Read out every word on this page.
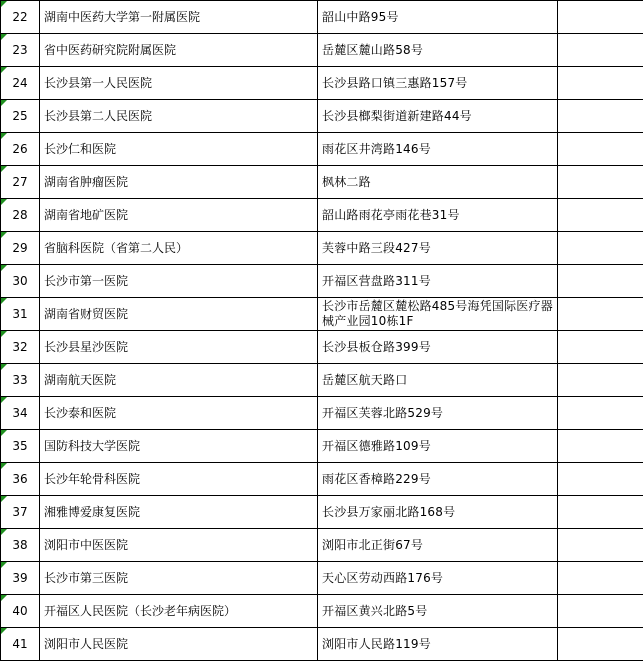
22	湖南中医药大学第一附属医院	韶山中路95号	
23	省中医药研究院附属医院	岳麓区麓山路58号	
24	长沙县第一人民医院	长沙县路口镇三惠路157号	
25	长沙县第二人民医院	长沙县榔梨街道新建路44号	
26	长沙仁和医院	雨花区井湾路146号	
27	湖南省肿瘤医院	枫林二路	
28	湖南省地矿医院	韶山路雨花亭雨花巷31号	
29	省脑科医院（省第二人民）	芙蓉中路三段427号	
30	长沙市第一医院	开福区营盘路311号	
31	湖南省财贸医院	长沙市岳麓区麓松路485号海凭国际医疗器械产业园10栋1F	
32	长沙县星沙医院	长沙县板仓路399号	
33	湖南航天医院	岳麓区航天路口	
34	长沙泰和医院	开福区芙蓉北路529号	
35	国防科技大学医院	开福区德雅路109号	
36	长沙年轮骨科医院	雨花区香樟路229号	
37	湘雅博爱康复医院	长沙县万家丽北路168号	
38	浏阳市中医医院	浏阳市北正街67号	
39	长沙市第三医院	天心区劳动西路176号	
40	开福区人民医院（长沙老年病医院）	开福区黄兴北路5号	
41	浏阳市人民医院	浏阳市人民路119号	
